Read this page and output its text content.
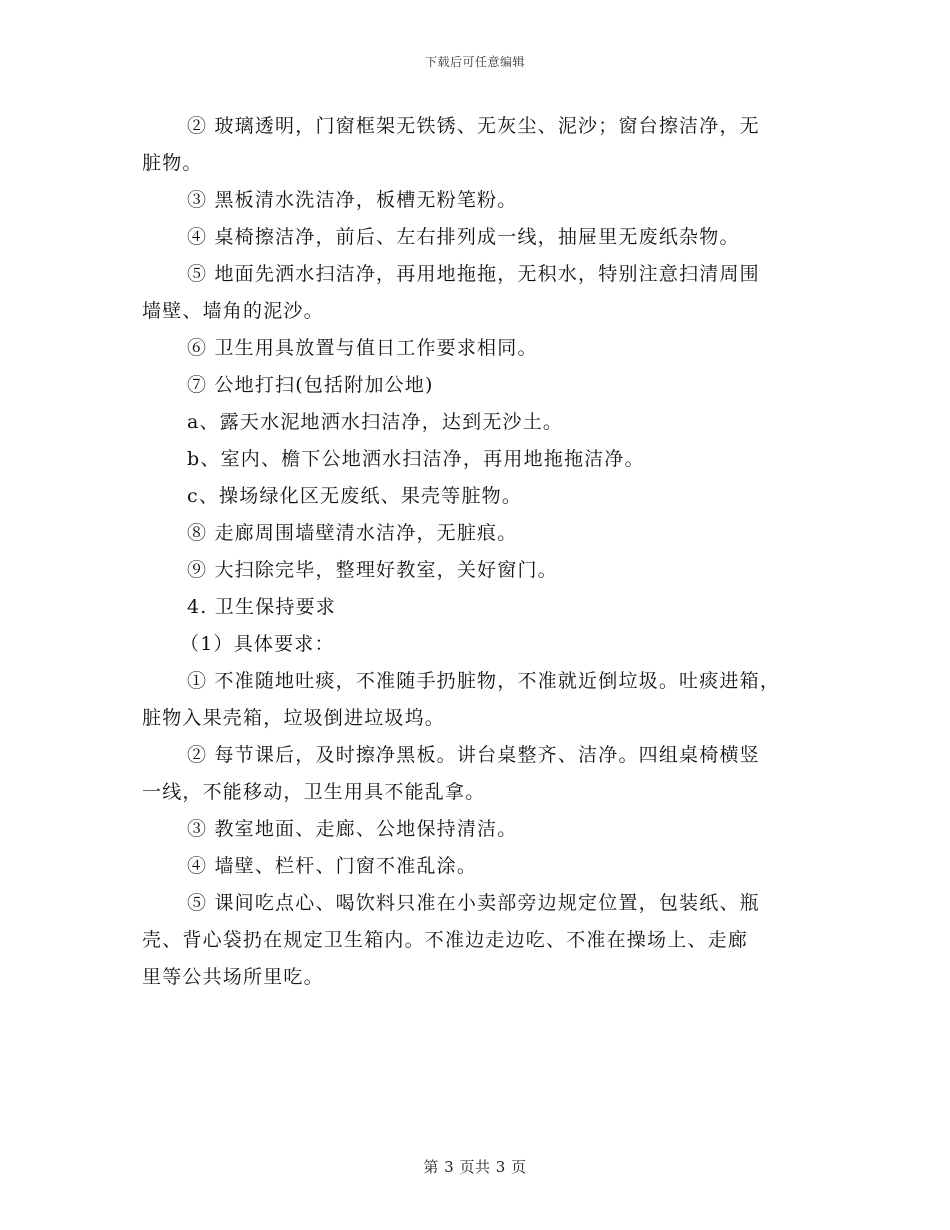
下载后可任意编辑
② 玻璃透明，门窗框架无铁锈、无灰尘、泥沙；窗台擦洁净，无
脏物。
③ 黑板清水洗洁净，板槽无粉笔粉。
④ 桌椅擦洁净，前后、左右排列成一线，抽屉里无废纸杂物。
⑤ 地面先洒水扫洁净，再用地拖拖，无积水，特别注意扫清周围
墙壁、墙角的泥沙。
⑥ 卫生用具放置与值日工作要求相同。
⑦ 公地打扫(包括附加公地)
a、露天水泥地洒水扫洁净，达到无沙土。
b、室内、檐下公地洒水扫洁净，再用地拖拖洁净。
c、操场绿化区无废纸、果壳等脏物。
⑧ 走廊周围墙壁清水洁净，无脏痕。
⑨ 大扫除完毕，整理好教室，关好窗门。
4. 卫生保持要求
（1）具体要求：
① 不准随地吐痰，不准随手扔脏物，不准就近倒垃圾。吐痰进箱，
脏物入果壳箱，垃圾倒进垃圾坞。
② 每节课后，及时擦净黑板。讲台桌整齐、洁净。四组桌椅横竖
一线，不能移动，卫生用具不能乱拿。
③ 教室地面、走廊、公地保持清洁。
④ 墙壁、栏杆、门窗不准乱涂。
⑤ 课间吃点心、喝饮料只准在小卖部旁边规定位置，包装纸、瓶
壳、背心袋扔在规定卫生箱内。不准边走边吃、不准在操场上、走廊
里等公共场所里吃。
第 3 页共 3 页
